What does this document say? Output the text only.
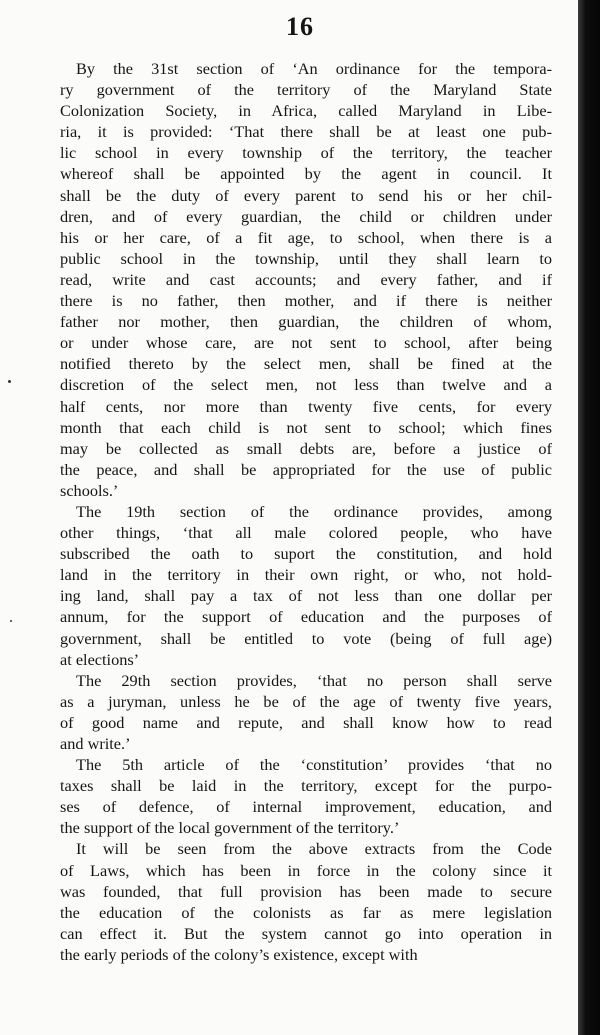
16
By the 31st section of ‘An ordinance for the tempora-
ry government of the territory of the Maryland State
Colonization Society, in Africa, called Maryland in Libe-
ria, it is provided: ‘That there shall be at least one pub-
lic school in every township of the territory, the teacher
whereof shall be appointed by the agent in council. It
shall be the duty of every parent to send his or her chil-
dren, and of every guardian, the child or children under
his or her care, of a fit age, to school, when there is a
public school in the township, until they shall learn to
read, write and cast accounts; and every father, and if
there is no father, then mother, and if there is neither
father nor mother, then guardian, the children of whom,
or under whose care, are not sent to school, after being
notified thereto by the select men, shall be fined at the
discretion of the select men, not less than twelve and a
half cents, nor more than twenty five cents, for every
month that each child is not sent to school; which fines
may be collected as small debts are, before a justice of
the peace, and shall be appropriated for the use of public
schools.’
The 19th section of the ordinance provides, among
other things, ‘that all male colored people, who have
subscribed the oath to suport the constitution, and hold
land in the territory in their own right, or who, not hold-
ing land, shall pay a tax of not less than one dollar per
annum, for the support of education and the purposes of
government, shall be entitled to vote (being of full age)
at elections’
The 29th section provides, ‘that no person shall serve
as a juryman, unless he be of the age of twenty five years,
of good name and repute, and shall know how to read
and write.’
The 5th article of the ‘constitution’ provides ‘that no
taxes shall be laid in the territory, except for the purpo-
ses of defence, of internal improvement, education, and
the support of the local government of the territory.’
It will be seen from the above extracts from the Code
of Laws, which has been in force in the colony since it
was founded, that full provision has been made to secure
the education of the colonists as far as mere legislation
can effect it. But the system cannot go into operation in
the early periods of the colony’s existence, except with
